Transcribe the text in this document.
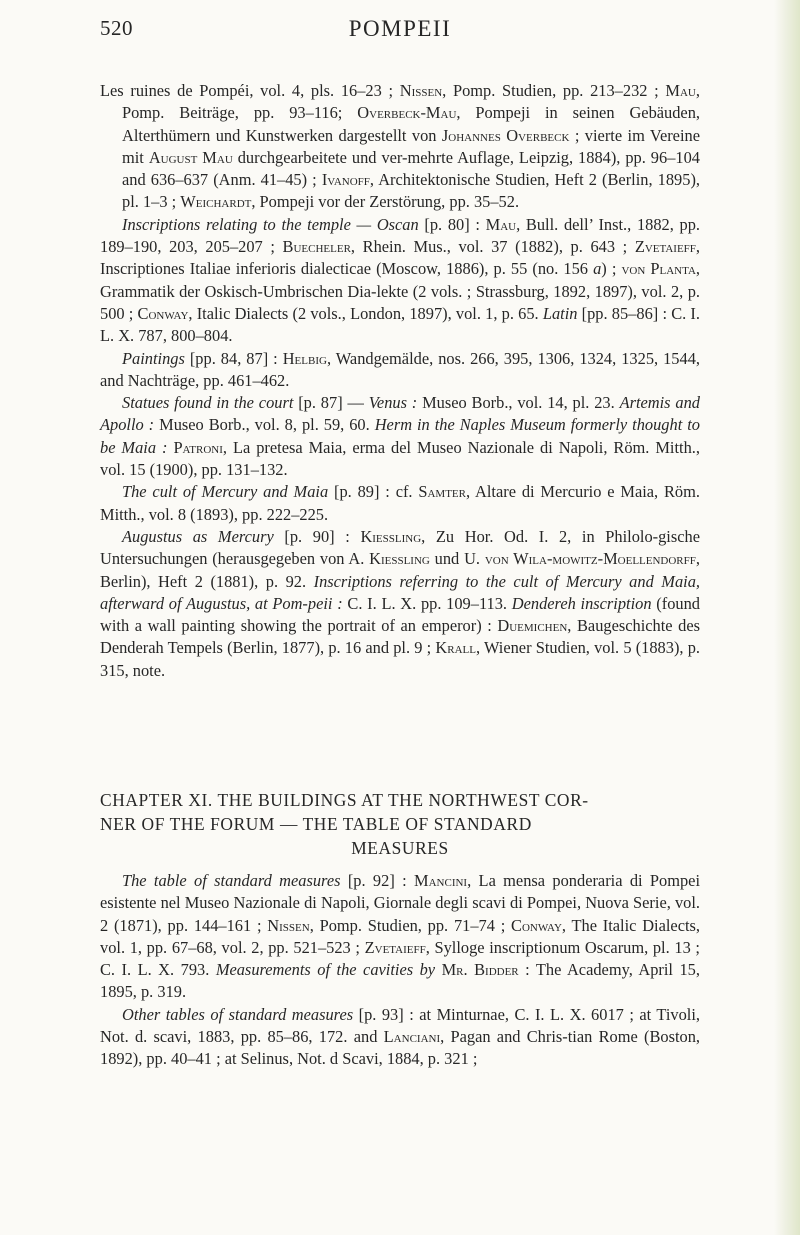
520	POMPEII

Les ruines de Pompéi, vol. 4, pls. 16–23 ; Nissen, Pomp. Studien, pp. 213–232 ; Mau, Pomp. Beiträge, pp. 93–116; Overbeck-Mau, Pompeji in seinen Gebäuden, Alterthümern und Kunstwerken dargestellt von Johannes Overbeck ; vierte im Vereine mit August Mau durchgearbeitete und ver-mehrte Auflage, Leipzig, 1884), pp. 96–104 and 636–637 (Anm. 41–45) ; Ivanoff, Architektonische Studien, Heft 2 (Berlin, 1895), pl. 1–3 ; Weichardt, Pompeji vor der Zerstörung, pp. 35–52.

Inscriptions relating to the temple — Oscan [p. 80] : Mau, Bull. dell’ Inst., 1882, pp. 189–190, 203, 205–207 ; Buecheler, Rhein. Mus., vol. 37 (1882), p. 643 ; Zvetaieff, Inscriptiones Italiae inferioris dialecticae (Moscow, 1886), p. 55 (no. 156 a) ; von Planta, Grammatik der Oskisch-Umbrischen Dia-lekte (2 vols. ; Strassburg, 1892, 1897), vol. 2, p. 500 ; Conway, Italic Dialects (2 vols., London, 1897), vol. 1, p. 65. Latin [pp. 85–86] : C. I. L. X. 787, 800–804.

Paintings [pp. 84, 87] : Helbig, Wandgemälde, nos. 266, 395, 1306, 1324, 1325, 1544, and Nachträge, pp. 461–462.

Statues found in the court [p. 87] — Venus : Museo Borb., vol. 14, pl. 23. Artemis and Apollo : Museo Borb., vol. 8, pl. 59, 60. Herm in the Naples Museum formerly thought to be Maia : Patroni, La pretesa Maia, erma del Museo Nazionale di Napoli, Röm. Mitth., vol. 15 (1900), pp. 131–132.

The cult of Mercury and Maia [p. 89] : cf. Samter, Altare di Mercurio e Maia, Röm. Mitth., vol. 8 (1893), pp. 222–225.

Augustus as Mercury [p. 90] : Kiessling, Zu Hor. Od. I. 2, in Philolo-gische Untersuchungen (herausgegeben von A. Kiessling und U. von Wila-mowitz-Moellendorff, Berlin), Heft 2 (1881), p. 92. Inscriptions referring to the cult of Mercury and Maia, afterward of Augustus, at Pom-peii : C. I. L. X. pp. 109–113. Dendereh inscription (found with a wall painting showing the portrait of an emperor) : Duemichen, Baugeschichte des Denderah Tempels (Berlin, 1877), p. 16 and pl. 9 ; Krall, Wiener Studien, vol. 5 (1883), p. 315, note.

CHAPTER XI. THE BUILDINGS AT THE NORTHWEST COR-
NER OF THE FORUM — THE TABLE OF STANDARD
MEASURES

The table of standard measures [p. 92] : Mancini, La mensa ponderaria di Pompei esistente nel Museo Nazionale di Napoli, Giornale degli scavi di Pompei, Nuova Serie, vol. 2 (1871), pp. 144–161 ; Nissen, Pomp. Studien, pp. 71–74 ; Conway, The Italic Dialects, vol. 1, pp. 67–68, vol. 2, pp. 521–523 ; Zvetaieff, Sylloge inscriptionum Oscarum, pl. 13 ; C. I. L. X. 793. Measurements of the cavities by Mr. Bidder : The Academy, April 15, 1895, p. 319.

Other tables of standard measures [p. 93] : at Minturnae, C. I. L. X. 6017 ; at Tivoli, Not. d. scavi, 1883, pp. 85–86, 172. and Lanciani, Pagan and Chris-tian Rome (Boston, 1892), pp. 40–41 ; at Selinus, Not. d Scavi, 1884, p. 321 ;
